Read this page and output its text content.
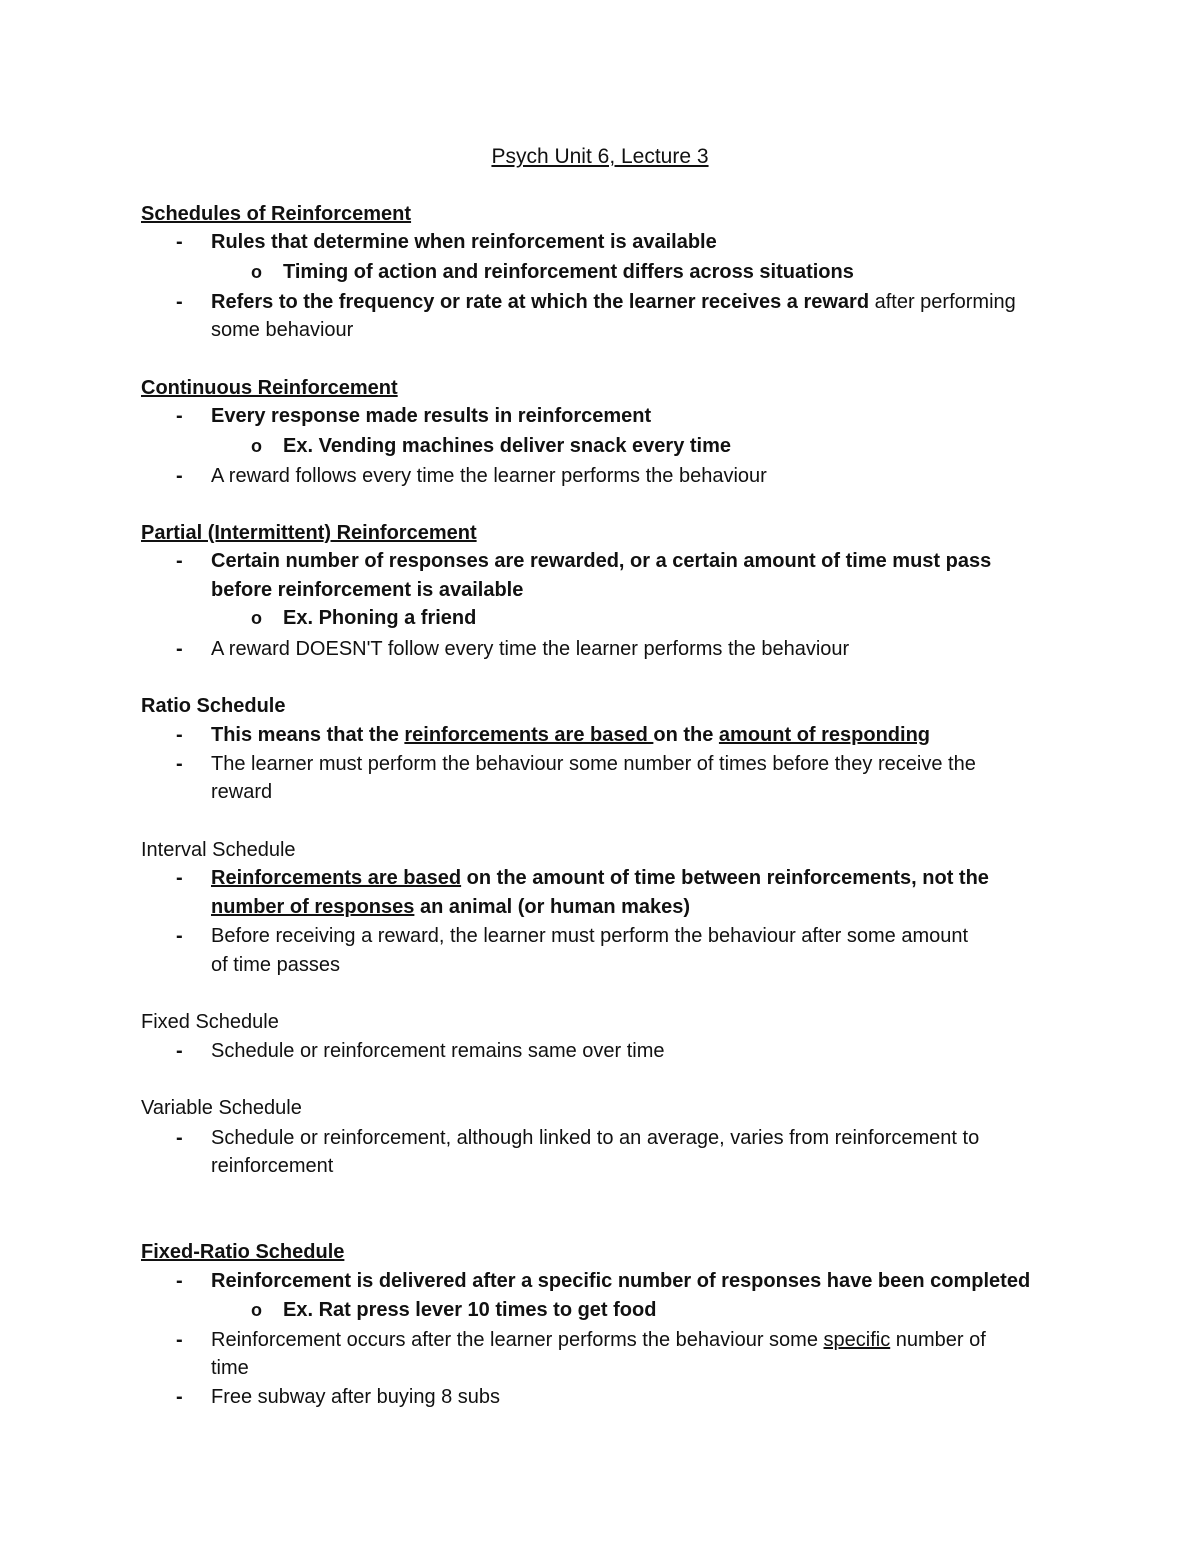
Psych Unit 6, Lecture 3
Schedules of Reinforcement
- Rules that determine when reinforcement is available
o Timing of action and reinforcement differs across situations
- Refers to the frequency or rate at which the learner receives a reward after performing
some behaviour
Continuous Reinforcement
- Every response made results in reinforcement
o Ex. Vending machines deliver snack every time
- A reward follows every time the learner performs the behaviour
Partial (Intermittent) Reinforcement
- Certain number of responses are rewarded, or a certain amount of time must pass
before reinforcement is available
o Ex. Phoning a friend
- A reward DOESN'T follow every time the learner performs the behaviour
Ratio Schedule
- This means that the reinforcements are based on the amount of responding
- The learner must perform the behaviour some number of times before they receive the
reward
Interval Schedule
- Reinforcements are based on the amount of time between reinforcements, not the
number of responses an animal (or human makes)
- Before receiving a reward, the learner must perform the behaviour after some amount
of time passes
Fixed Schedule
- Schedule or reinforcement remains same over time
Variable Schedule
- Schedule or reinforcement, although linked to an average, varies from reinforcement to
reinforcement
Fixed-Ratio Schedule
- Reinforcement is delivered after a specific number of responses have been completed
o Ex. Rat press lever 10 times to get food
- Reinforcement occurs after the learner performs the behaviour some specific number of
time
- Free subway after buying 8 subs
